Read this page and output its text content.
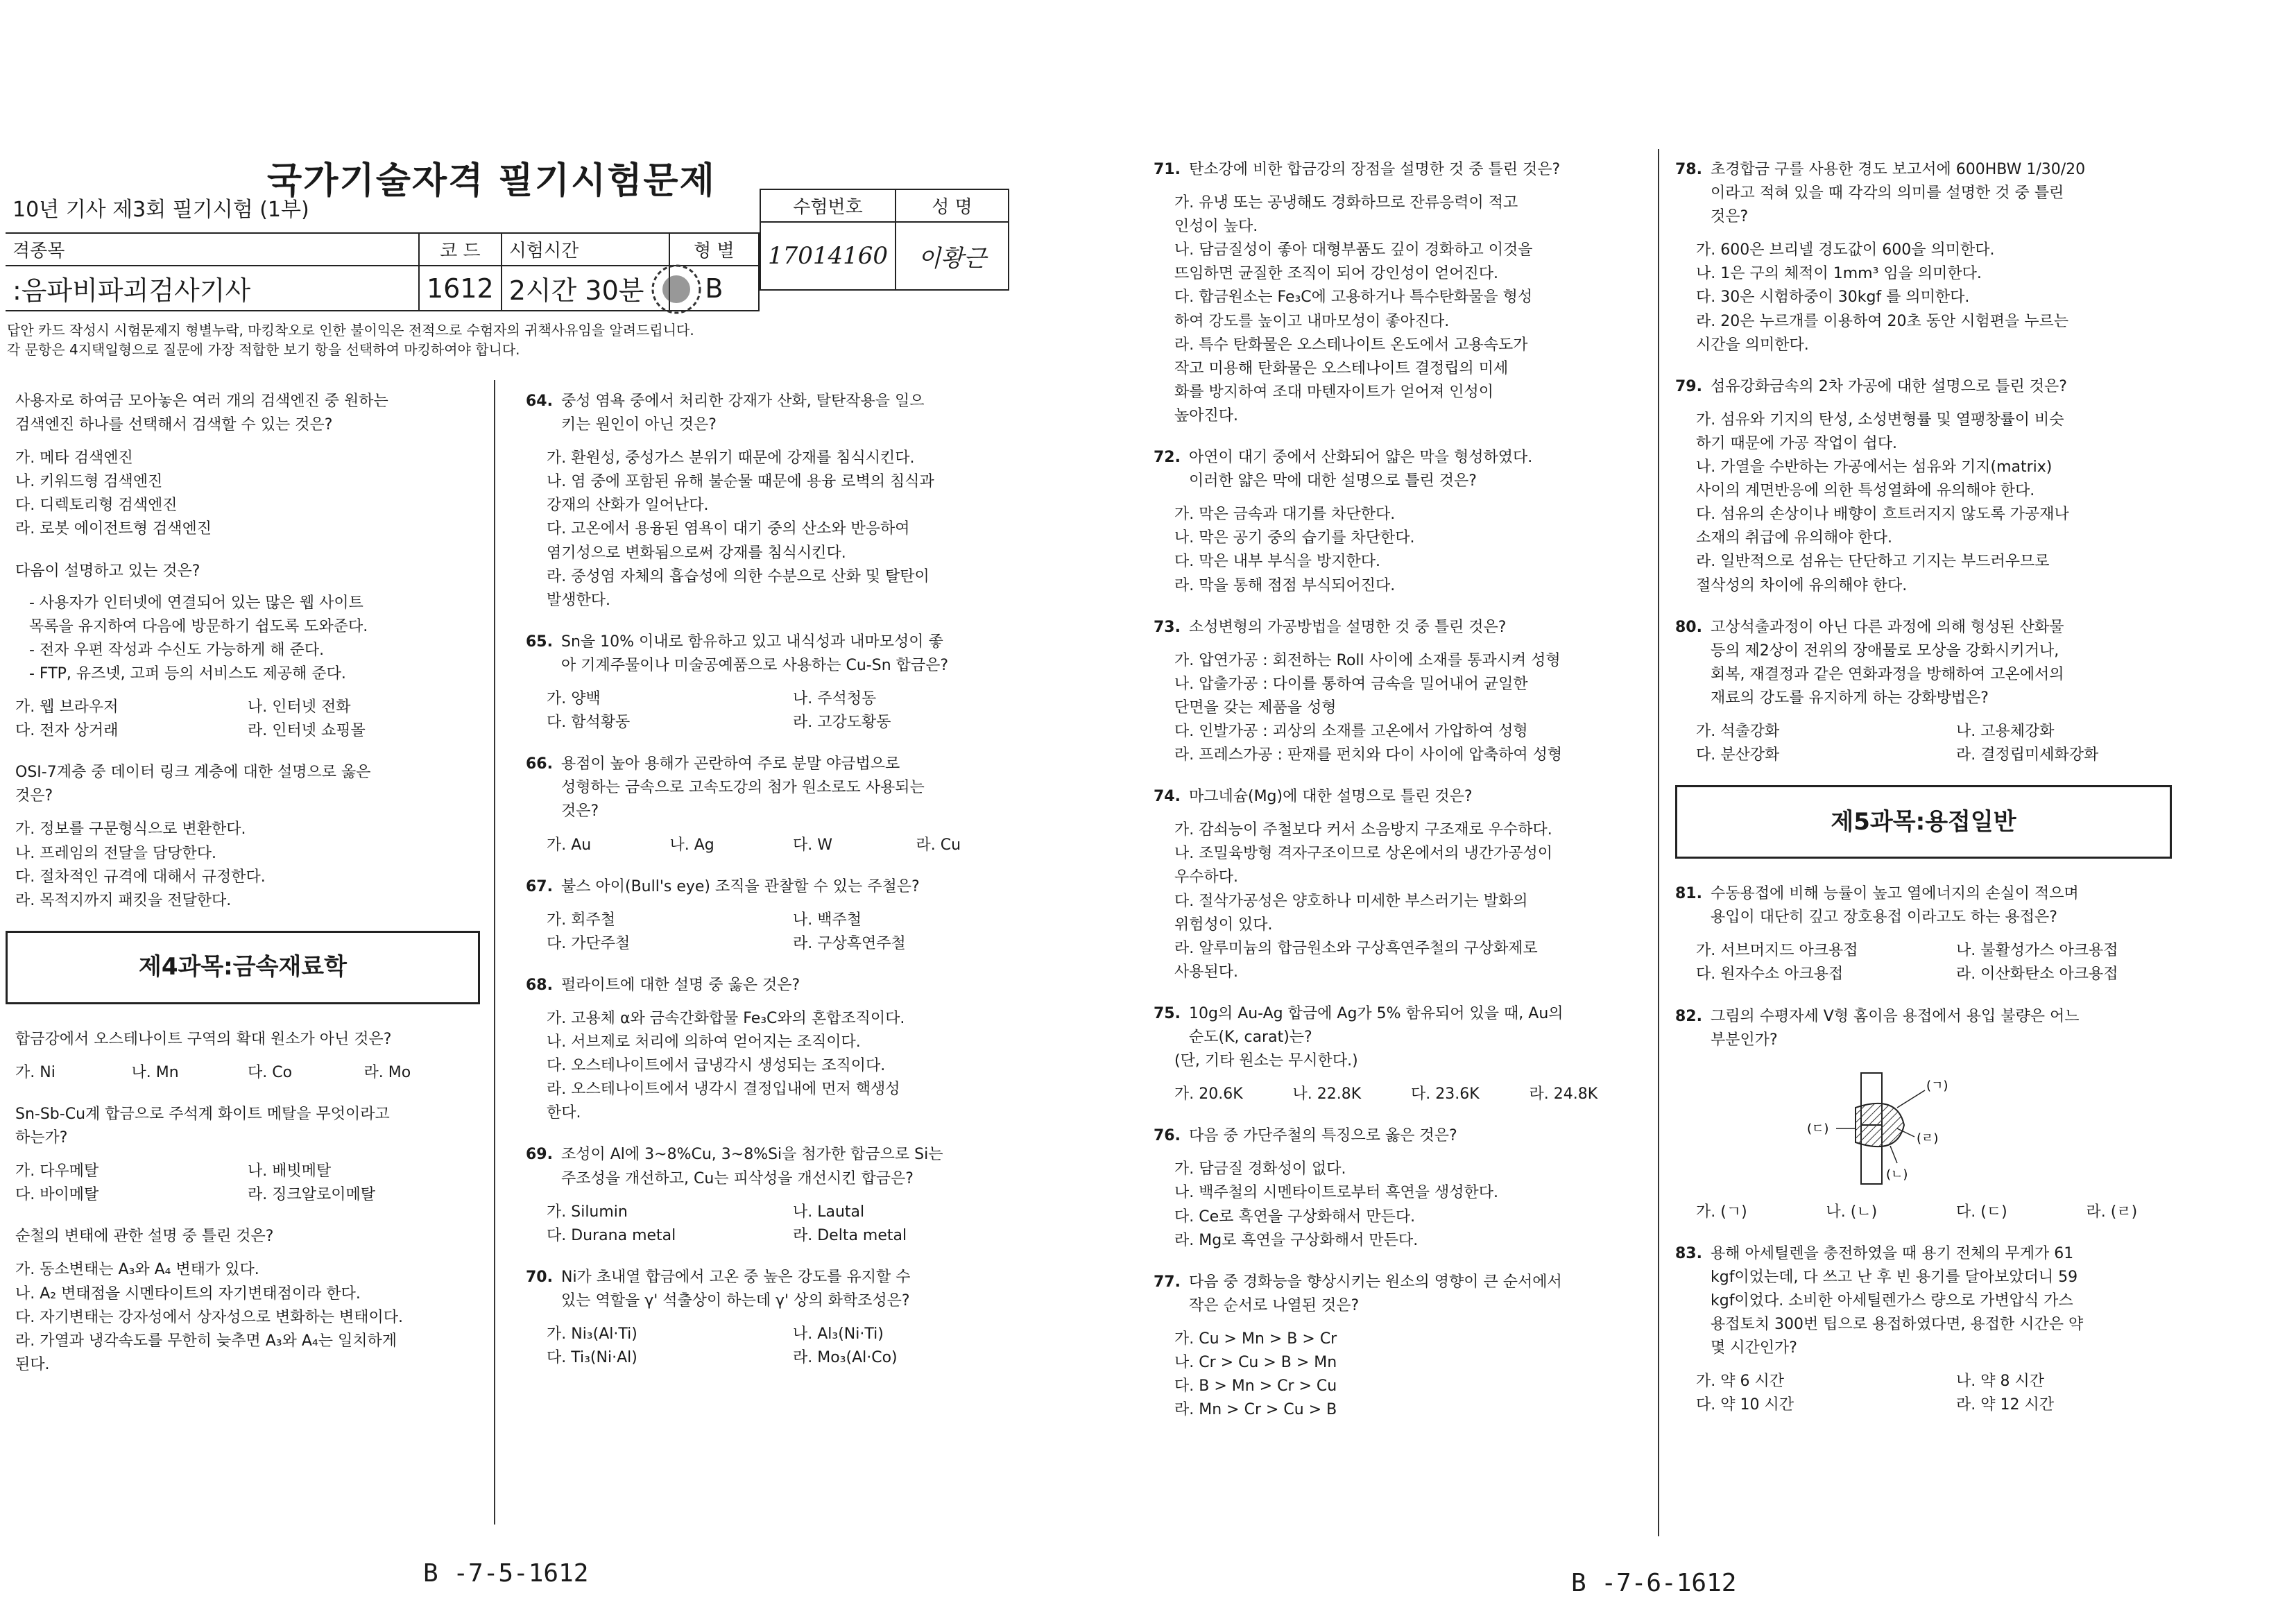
국가기술자격 필기시험문제
10년 기사 제3회 필기시험 (1부)	수험번호	성 명
17014160	이황근
격종목	코 드	시험시간	형 별
:음파비파괴검사기사	1612	2시간 30분	B
답안 카드 작성시 시험문제지 형별누락, 마킹착오로 인한 불이익은 전적으로 수험자의 귀책사유임을 알려드립니다.
각 문항은 4지택일형으로 질문에 가장 적합한 보기 항을 선택하여 마킹하여야 합니다.
사용자로 하여금 모아놓은 여러 개의 검색엔진 중 원하는
검색엔진 하나를 선택해서 검색할 수 있는 것은?
가. 메타 검색엔진
나. 키워드형 검색엔진
다. 디렉토리형 검색엔진
라. 로봇 에이전트형 검색엔진
다음이 설명하고 있는 것은?
- 사용자가 인터넷에 연결되어 있는 많은 웹 사이트
목록을 유지하여 다음에 방문하기 쉽도록 도와준다.
- 전자 우편 작성과 수신도 가능하게 해 준다.
- FTP, 유즈넷, 고퍼 등의 서비스도 제공해 준다.
가. 웹 브라우저	나. 인터넷 전화
다. 전자 상거래	라. 인터넷 쇼핑몰
OSI-7계층 중 데이터 링크 계층에 대한 설명으로 옳은
것은?
가. 정보를 구문형식으로 변환한다.
나. 프레임의 전달을 담당한다.
다. 절차적인 규격에 대해서 규정한다.
라. 목적지까지 패킷을 전달한다.
제4과목:금속재료학
합금강에서 오스테나이트 구역의 확대 원소가 아닌 것은?
가. Ni	나. Mn	다. Co	라. Mo
Sn-Sb-Cu계 합금으로 주석계 화이트 메탈을 무엇이라고
하는가?
가. 다우메탈	나. 배빗메탈
다. 바이메탈	라. 징크알로이메탈
순철의 변태에 관한 설명 중 틀린 것은?
가. 동소변태는 A₃와 A₄ 변태가 있다.
나. A₂ 변태점을 시멘타이트의 자기변태점이라 한다.
다. 자기변태는 강자성에서 상자성으로 변화하는 변태이다.
라. 가열과 냉각속도를 무한히 늦추면 A₃와 A₄는 일치하게
된다.
64. 중성 염욕 중에서 처리한 강재가 산화, 탈탄작용을 일으
키는 원인이 아닌 것은?
가. 환원성, 중성가스 분위기 때문에 강재를 침식시킨다.
나. 염 중에 포함된 유해 불순물 때문에 용융 로벽의 침식과
강재의 산화가 일어난다.
다. 고온에서 용융된 염욕이 대기 중의 산소와 반응하여
염기성으로 변화됨으로써 강재를 침식시킨다.
라. 중성염 자체의 흡습성에 의한 수분으로 산화 및 탈탄이
발생한다.
65. Sn을 10% 이내로 함유하고 있고 내식성과 내마모성이 좋
아 기계주물이나 미술공예품으로 사용하는 Cu-Sn 합금은?
가. 양백	나. 주석청동
다. 함석황동	라. 고강도황동
66. 용점이 높아 용해가 곤란하여 주로 분말 야금법으로
성형하는 금속으로 고속도강의 첨가 원소로도 사용되는
것은?
가. Au	나. Ag	다. W	라. Cu
67. 불스 아이(Bull's eye) 조직을 관찰할 수 있는 주철은?
가. 회주철	나. 백주철
다. 가단주철	라. 구상흑연주철
68. 펄라이트에 대한 설명 중 옳은 것은?
가. 고용체 α와 금속간화합물 Fe₃C와의 혼합조직이다.
나. 서브제로 처리에 의하여 얻어지는 조직이다.
다. 오스테나이트에서 급냉각시 생성되는 조직이다.
라. 오스테나이트에서 냉각시 결정입내에 먼저 핵생성
한다.
69. 조성이 Al에 3~8%Cu, 3~8%Si을 첨가한 합금으로 Si는
주조성을 개선하고, Cu는 피삭성을 개선시킨 합금은?
가. Silumin	나. Lautal
다. Durana metal	라. Delta metal
70. Ni가 초내열 합금에서 고온 중 높은 강도를 유지할 수
있는 역할을 γ' 석출상이 하는데 γ' 상의 화학조성은?
가. Ni₃(Al·Ti)	나. Al₃(Ni·Ti)
다. Ti₃(Ni·Al)	라. Mo₃(Al·Co)
B -7-5-1612
71. 탄소강에 비한 합금강의 장점을 설명한 것 중 틀린 것은?
가. 유냉 또는 공냉해도 경화하므로 잔류응력이 적고
인성이 높다.
나. 담금질성이 좋아 대형부품도 깊이 경화하고 이것을
뜨임하면 균질한 조직이 되어 강인성이 얻어진다.
다. 합금원소는 Fe₃C에 고용하거나 특수탄화물을 형성
하여 강도를 높이고 내마모성이 좋아진다.
라. 특수 탄화물은 오스테나이트 온도에서 고용속도가
작고 미용해 탄화물은 오스테나이트 결정립의 미세
화를 방지하여 조대 마텐자이트가 얻어져 인성이
높아진다.
72. 아연이 대기 중에서 산화되어 얇은 막을 형성하였다.
이러한 얇은 막에 대한 설명으로 틀린 것은?
가. 막은 금속과 대기를 차단한다.
나. 막은 공기 중의 습기를 차단한다.
다. 막은 내부 부식을 방지한다.
라. 막을 통해 점점 부식되어진다.
73. 소성변형의 가공방법을 설명한 것 중 틀린 것은?
가. 압연가공 : 회전하는 Roll 사이에 소재를 통과시켜 성형
나. 압출가공 : 다이를 통하여 금속을 밀어내어 균일한
단면을 갖는 제품을 성형
다. 인발가공 : 괴상의 소재를 고온에서 가압하여 성형
라. 프레스가공 : 판재를 펀치와 다이 사이에 압축하여 성형
74. 마그네슘(Mg)에 대한 설명으로 틀린 것은?
가. 감쇠능이 주철보다 커서 소음방지 구조재로 우수하다.
나. 조밀육방형 격자구조이므로 상온에서의 냉간가공성이
우수하다.
다. 절삭가공성은 양호하나 미세한 부스러기는 발화의
위험성이 있다.
라. 알루미늄의 합금원소와 구상흑연주철의 구상화제로
사용된다.
75. 10g의 Au-Ag 합금에 Ag가 5% 함유되어 있을 때, Au의
순도(K, carat)는?
(단, 기타 원소는 무시한다.)
가. 20.6K	나. 22.8K	다. 23.6K	라. 24.8K
76. 다음 중 가단주철의 특징으로 옳은 것은?
가. 담금질 경화성이 없다.
나. 백주철의 시멘타이트로부터 흑연을 생성한다.
다. Ce로 흑연을 구상화해서 만든다.
라. Mg로 흑연을 구상화해서 만든다.
77. 다음 중 경화능을 향상시키는 원소의 영향이 큰 순서에서
작은 순서로 나열된 것은?
가. Cu > Mn > B > Cr
나. Cr > Cu > B > Mn
다. B > Mn > Cr > Cu
라. Mn > Cr > Cu > B
78. 초경합금 구를 사용한 경도 보고서에 600HBW 1/30/20
이라고 적혀 있을 때 각각의 의미를 설명한 것 중 틀린
것은?
가. 600은 브리넬 경도값이 600을 의미한다.
나. 1은 구의 체적이 1mm³ 임을 의미한다.
다. 30은 시험하중이 30kgf 를 의미한다.
라. 20은 누르개를 이용하여 20초 동안 시험편을 누르는
시간을 의미한다.
79. 섬유강화금속의 2차 가공에 대한 설명으로 틀린 것은?
가. 섬유와 기지의 탄성, 소성변형률 및 열팽창률이 비슷
하기 때문에 가공 작업이 쉽다.
나. 가열을 수반하는 가공에서는 섬유와 기지(matrix)
사이의 계면반응에 의한 특성열화에 유의해야 한다.
다. 섬유의 손상이나 배향이 흐트러지지 않도록 가공재나
소재의 취급에 유의해야 한다.
라. 일반적으로 섬유는 단단하고 기지는 부드러우므로
절삭성의 차이에 유의해야 한다.
80. 고상석출과정이 아닌 다른 과정에 의해 형성된 산화물
등의 제2상이 전위의 장애물로 모상을 강화시키거나,
회복, 재결정과 같은 연화과정을 방해하여 고온에서의
재료의 강도를 유지하게 하는 강화방법은?
가. 석출강화	나. 고용체강화
다. 분산강화	라. 결정립미세화강화
제5과목:용접일반
81. 수동용접에 비해 능률이 높고 열에너지의 손실이 적으며
용입이 대단히 깊고 장호용접 이라고도 하는 용접은?
가. 서브머지드 아크용접	나. 불활성가스 아크용접
다. 원자수소 아크용접	라. 이산화탄소 아크용접
82. 그림의 수평자세 V형 홈이음 용접에서 용입 불량은 어느
부분인가?
(ㄱ)
(ㄴ)
(ㄷ)
(ㄹ)
가. (ㄱ)	나. (ㄴ)	다. (ㄷ)	라. (ㄹ)
83. 용해 아세틸렌을 충전하였을 때 용기 전체의 무게가 61
kgf이었는데, 다 쓰고 난 후 빈 용기를 달아보았더니 59
kgf이었다. 소비한 아세틸렌가스 량으로 가변압식 가스
용접토치 300번 팁으로 용접하였다면, 용접한 시간은 약
몇 시간인가?
가. 약 6 시간	나. 약 8 시간
다. 약 10 시간	라. 약 12 시간
B -7-6-1612
